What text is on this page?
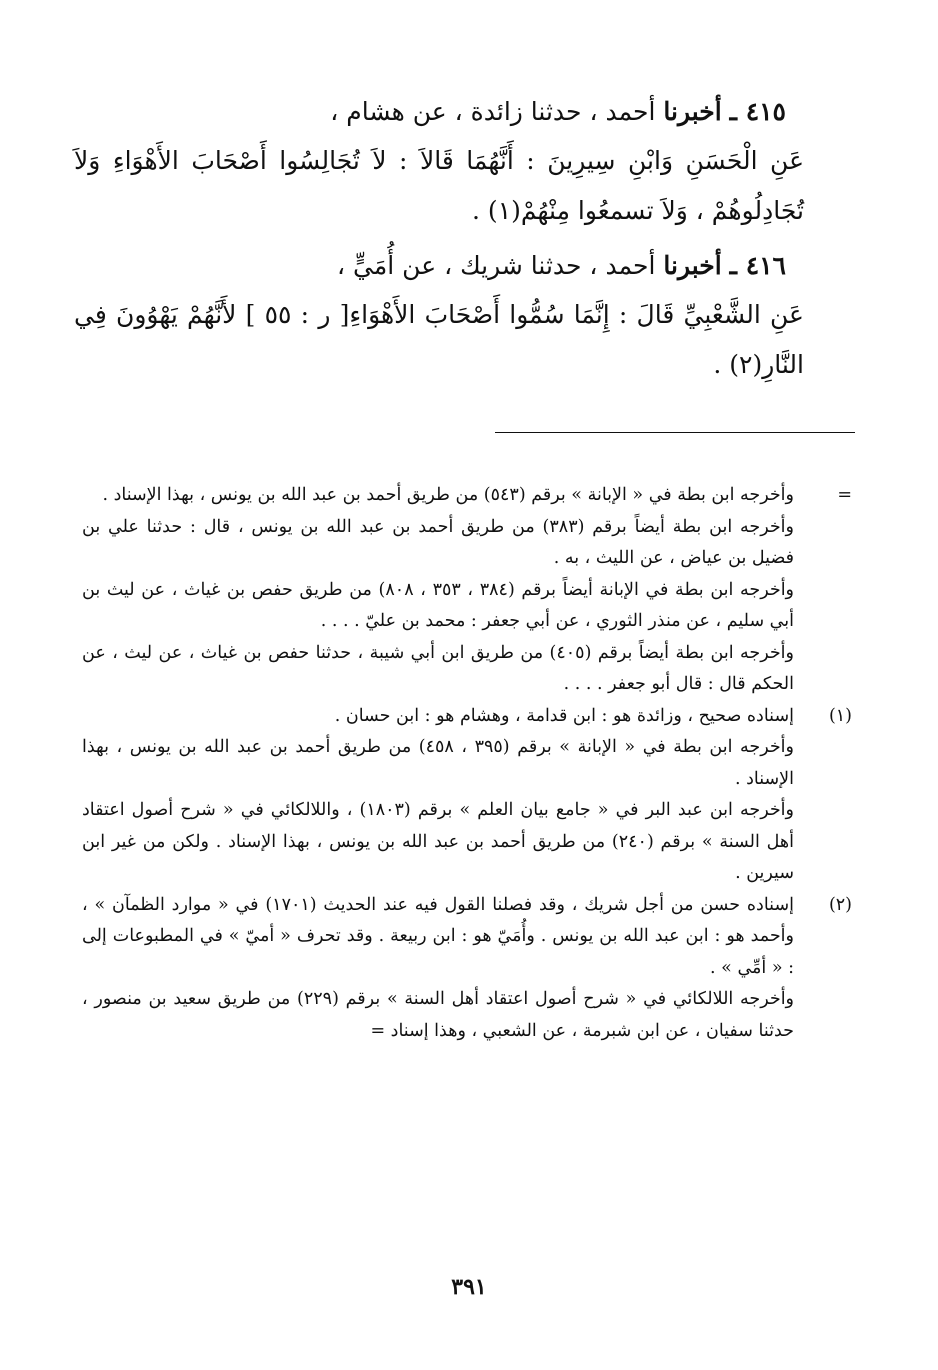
٤١٥ ـ أخبرنا أحمد ، حدثنا زائدة ، عن هشام ،

عَنِ الْحَسَنِ وَابْنِ سِيرِينَ : أَنَّهُمَا قَالاَ : لاَ تُجَالِسُوا أَصْحَابَ الأَهْوَاءِ وَلاَ تُجَادِلُوهُمْ ، وَلاَ تسمعُوا مِنْهُمْ(١) .

٤١٦ ـ أخبرنا أحمد ، حدثنا شريك ، عن أُمَيٍّ ،

عَنِ الشَّعْبِيِّ قَالَ : إِنَّمَا سُمُّوا أَصْحَابَ الأَهْوَاءِ[ ر : ٥٥ ] لأَنَّهُمْ يَهْوُونَ فِي النَّارِ(٢) .

=

وأخرجه ابن بطة في « الإبانة » برقم (٥٤٣) من طريق أحمد بن عبد الله بن يونس ، بهذا الإسناد .

وأخرجه ابن بطة أيضاً برقم (٣٨٣) من طريق أحمد بن عبد الله بن يونس ، قال : حدثنا علي بن فضيل بن عياض ، عن الليث ، به .

وأخرجه ابن بطة في الإبانة أيضاً برقم (٣٨٤ ، ٣٥٣ ، ٨٠٨) من طريق حفص بن غياث ، عن ليث بن أبي سليم ، عن منذر الثوري ، عن أبي جعفر : محمد بن عليّ . . . .

وأخرجه ابن بطة أيضاً برقم (٤٠٥) من طريق ابن أبي شيبة ، حدثنا حفص بن غياث ، عن ليث ، عن الحكم قال : قال أبو جعفر . . . .

(١)

إسناده صحيح ، وزائدة هو : ابن قدامة ، وهشام هو : ابن حسان .

وأخرجه ابن بطة في « الإبانة » برقم (٣٩٥ ، ٤٥٨) من طريق أحمد بن عبد الله بن يونس ، بهذا الإسناد .

وأخرجه ابن عبد البر في « جامع بيان العلم » برقم (١٨٠٣) ، واللالكائي في « شرح أصول اعتقاد أهل السنة » برقم (٢٤٠) من طريق أحمد بن عبد الله بن يونس ، بهذا الإسناد . ولكن من غير ابن سيرين .

(٢)

إسناده حسن من أجل شريك ، وقد فصلنا القول فيه عند الحديث (١٧٠١) في « موارد الظمآن » ، وأحمد هو : ابن عبد الله بن يونس . وأُمَيّ هو : ابن ربيعة . وقد تحرف « أميّ » في المطبوعات إلى : « أمِّي » .

وأخرجه اللالكائي في « شرح أصول اعتقاد أهل السنة » برقم (٢٢٩) من طريق سعيد بن منصور ، حدثنا سفيان ، عن ابن شبرمة ، عن الشعبي ، وهذا إسناد =

٣٩١
